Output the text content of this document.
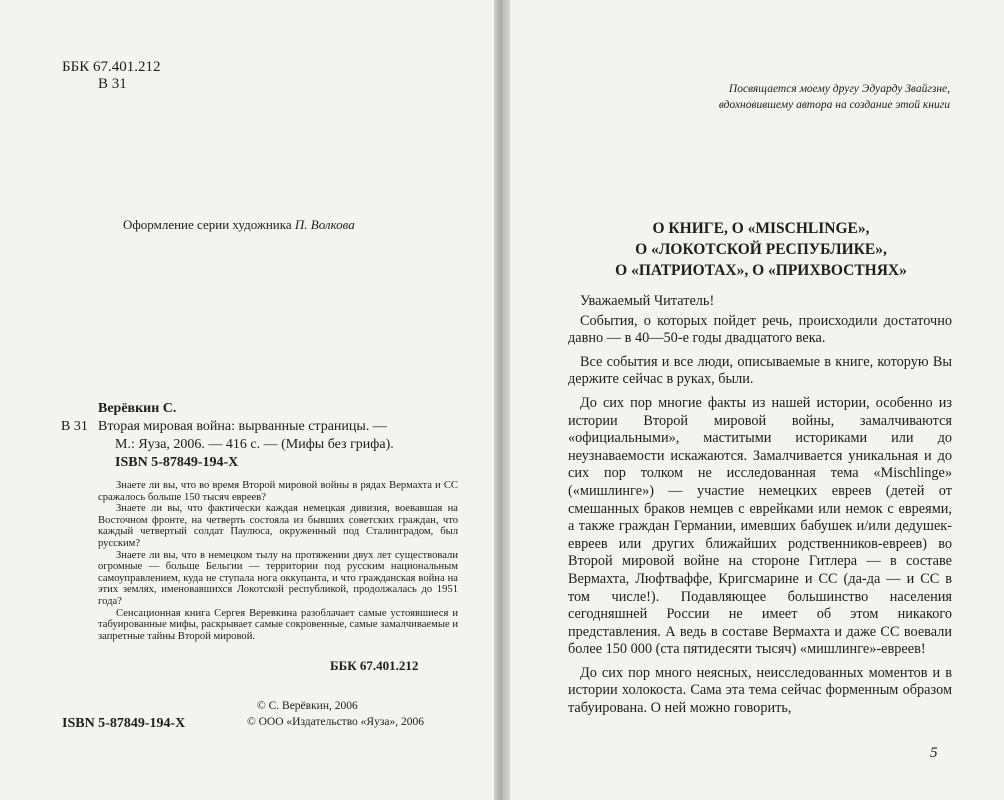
ББК 67.401.212
В 31
Оформление серии художника П. Волкова
Верёвкин С.
В 31 Вторая мировая война: вырванные страницы. —
М.: Яуза, 2006. — 416 с. — (Мифы без грифа).
ISBN 5-87849-194-X

Знаете ли вы, что во время Второй мировой войны в рядах Вермахта и СС сражалось больше 150 тысяч евреев?

Знаете ли вы, что фактически каждая немецкая дивизия, воевавшая на Восточном фронте, на четверть состояла из бывших советских граждан, что каждый четвертый солдат Паулюса, окруженный под Сталинградом, был русским?

Знаете ли вы, что в немецком тылу на протяжении двух лет существовали огромные — больше Бельгии — территории под русским национальным самоуправлением, куда не ступала нога оккупанта, и что гражданская война на этих землях, именовавшихся Локотской республикой, продолжалась до 1951 года?

Сенсационная книга Сергея Веревкина разоблачает самые устоявшиеся и табуированные мифы, раскрывает самые сокровенные, самые замалчиваемые и запретные тайны Второй мировой.

ББК 67.401.212
© С. Верёвкин, 2006
© ООО «Издательство «Яуза», 2006
ISBN 5-87849-194-X
Посвящается моему другу Эдуарду Звайгзне,
вдохновившему автора на создание этой книги
О КНИГЕ, О «MISCHLINGE»,
О «ЛОКОТСКОЙ РЕСПУБЛИКЕ»,
О «ПАТРИОТАХ», О «ПРИХВОСТНЯХ»

Уважаемый Читатель!

События, о которых пойдет речь, происходили достаточно давно — в 40—50-е годы двадцатого века.

Все события и все люди, описываемые в книге, которую Вы держите сейчас в руках, были.

До сих пор многие факты из нашей истории, особенно из истории Второй мировой войны, замалчиваются «официальными», маститыми историками или до неузнаваемости искажаются. Замалчивается уникальная и до сих пор толком не исследованная тема «Mischlinge» («мишлинге») — участие немецких евреев (детей от смешанных браков немцев с еврейками или немок с евреями, а также граждан Германии, имевших бабушек и/или дедушек-евреев или других ближайших родственников-евреев) во Второй мировой войне на стороне Гитлера — в составе Вермахта, Люфтваффе, Кригсмарине и СС (да-да — и СС в том числе!). Подавляющее большинство населения сегодняшней России не имеет об этом никакого представления. А ведь в составе Вермахта и даже СС воевали более 150 000 (ста пятидесяти тысяч) «мишлинге»-евреев!

До сих пор много неясных, неисследованных моментов и в истории холокоста. Сама эта тема сейчас форменным образом табуирована. О ней можно говорить,

5
